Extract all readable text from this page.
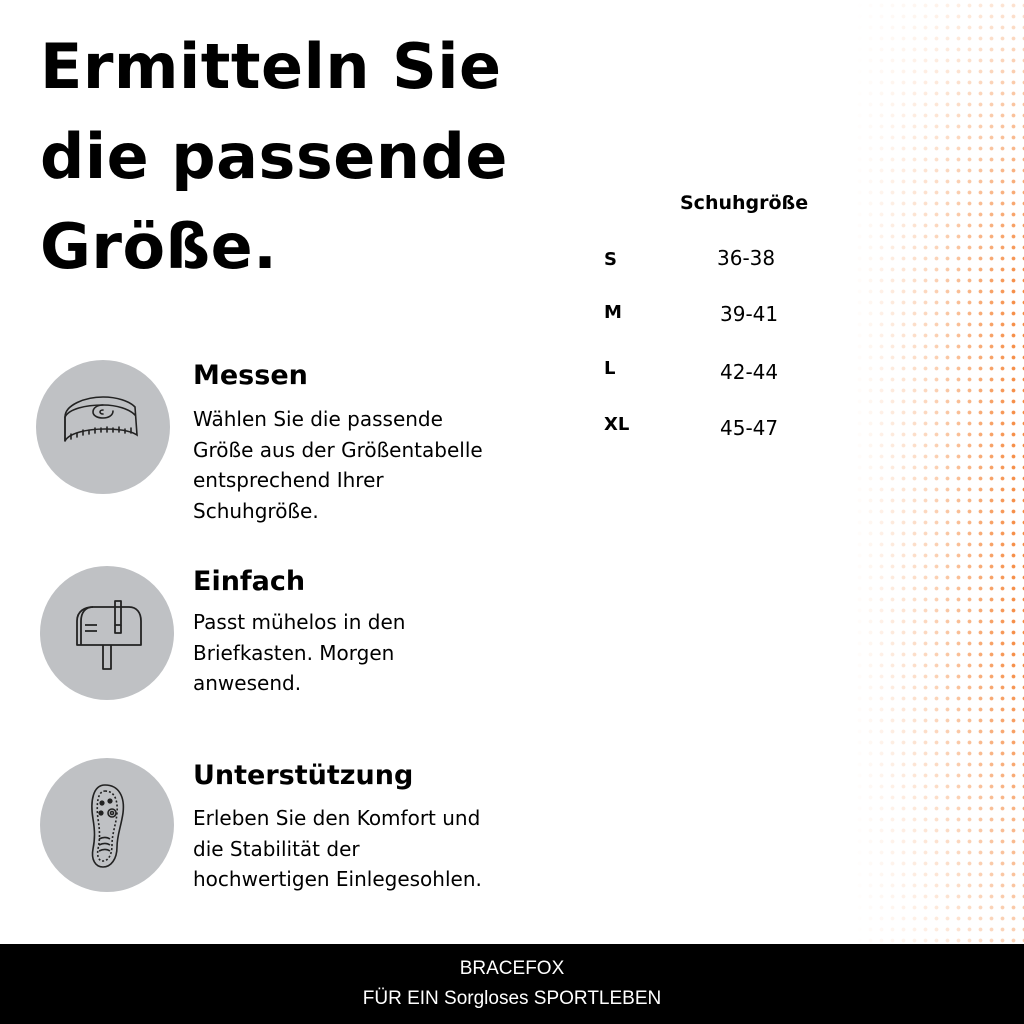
Ermitteln Sie
die passende
Größe.
Messen
Wählen Sie die passende
Größe aus der Größentabelle
entsprechend Ihrer
Schuhgröße.
Einfach
Passt mühelos in den
Briefkasten. Morgen
anwesend.
Unterstützung
Erleben Sie den Komfort und
die Stabilität der
hochwertigen Einlegesohlen.
Schuhgröße
S	36-38
M	39-41
L	42-44
XL	45-47
BRACEFOX
FÜR EIN Sorgloses SPORTLEBEN
